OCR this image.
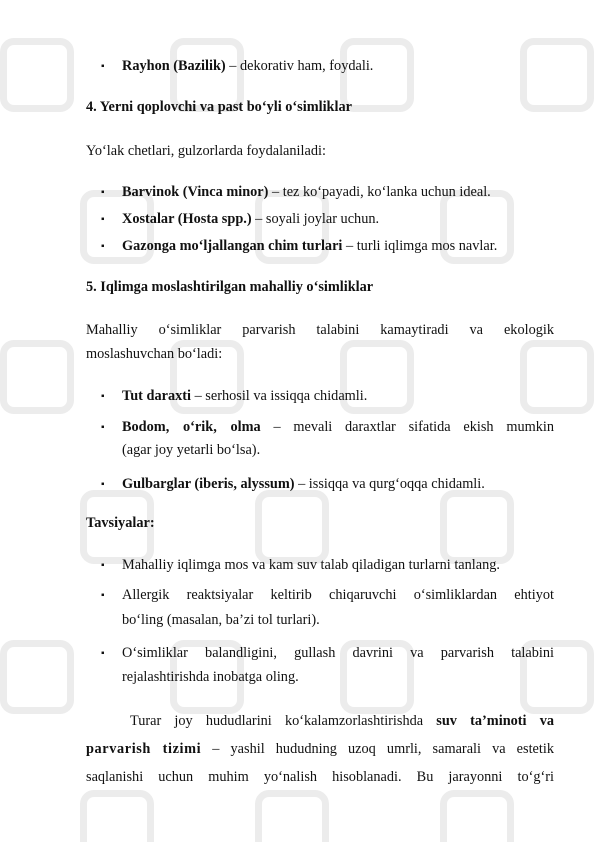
▪ Rayhon (Bazilik) – dekorativ ham, foydali.
4. Yerni qoplovchi va past bo‘yli o‘simliklar
Yo‘lak chetlari, gulzorlarda foydalaniladi:
▪ Barvinok (Vinca minor) – tez ko‘payadi, ko‘lanka uchun ideal.
▪ Xostalar (Hosta spp.) – soyali joylar uchun.
▪ Gazonga mo‘ljallangan chim turlari – turli iqlimga mos navlar.
5. Iqlimga moslashtirilgan mahalliy o‘simliklar
Mahalliy o‘simliklar parvarish talabini kamaytiradi va ekologik
moslashuvchan bo‘ladi:
▪ Tut daraxti – serhosil va issiqqa chidamli.
▪ Bodom, o‘rik, olma – mevali daraxtlar sifatida ekish mumkin
(agar joy yetarli bo‘lsa).
▪ Gulbarglar (iberis, alyssum) – issiqqa va qurg‘oqqa chidamli.
Tavsiyalar:
▪ Mahalliy iqlimga mos va kam suv talab qiladigan turlarni tanlang.
▪ Allergik reaktsiyalar keltirib chiqaruvchi o‘simliklardan ehtiyot
bo‘ling (masalan, ba’zi tol turlari).
▪ O‘simliklar balandligini, gullash davrini va parvarish talabini
rejalashtirishda inobatga oling.
Turar joy hududlarini ko‘kalamzorlashtirishda suv ta’minoti va
parvarish tizimi – yashil hududning uzoq umrli, samarali va estetik
saqlanishi uchun muhim yo‘nalish hisoblanadi. Bu jarayonni to‘g‘ri
